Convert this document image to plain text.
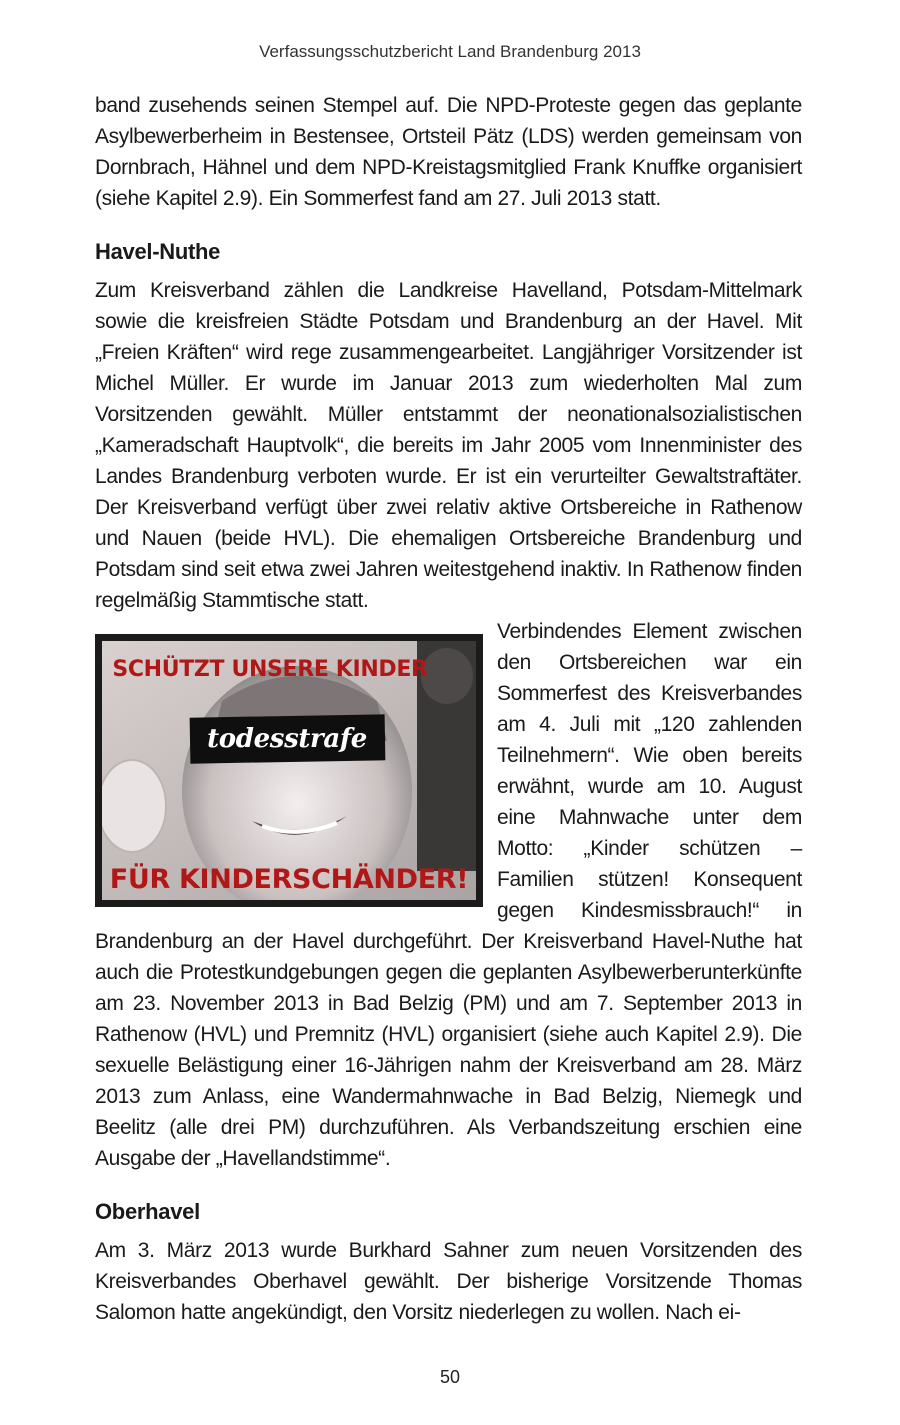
Verfassungsschutzbericht Land Brandenburg 2013

band zusehends seinen Stempel auf. Die NPD-Proteste gegen das geplante Asylbewerberheim in Bestensee, Ortsteil Pätz (LDS) werden gemeinsam von Dornbrach, Hähnel und dem NPD-Kreistagsmitglied Frank Knuffke organisiert (siehe Kapitel 2.9). Ein Sommerfest fand am 27. Juli 2013 statt.

Havel-Nuthe

Zum Kreisverband zählen die Landkreise Havelland, Potsdam-Mittelmark sowie die kreisfreien Städte Potsdam und Brandenburg an der Havel. Mit „Freien Kräften“ wird rege zusammengearbeitet. Langjähriger Vorsitzender ist Michel Müller. Er wurde im Januar 2013 zum wiederholten Mal zum Vorsitzenden gewählt. Müller entstammt der neonationalsozialistischen „Kameradschaft Hauptvolk“, die bereits im Jahr 2005 vom Innenminister des Landes Brandenburg verboten wurde. Er ist ein verurteilter Gewaltstraftäter. Der Kreisverband verfügt über zwei relativ aktive Ortsbereiche in Rathenow und Nauen (beide HVL). Die ehemaligen Ortsbereiche Brandenburg und Potsdam sind seit etwa zwei Jahren weitestgehend inaktiv. In Rathenow finden regelmäßig Stammtische statt.

SCHÜTZT UNSERE KINDER
todesstrafe
FÜR KINDERSCHÄNDER!

Verbindendes Element zwischen den Ortsbereichen war ein Sommerfest des Kreisverbandes am 4. Juli mit „120 zahlenden Teilnehmern“. Wie oben bereits erwähnt, wurde am 10. August eine Mahnwache unter dem Motto: „Kinder schützen – Familien stützen! Konsequent gegen Kindesmissbrauch!“ in Brandenburg an der Havel durchgeführt. Der Kreisverband Havel-Nuthe hat auch die Protestkundgebungen gegen die geplanten Asylbewerberunterkünfte am 23. November 2013 in Bad Belzig (PM) und am 7. September 2013 in Rathenow (HVL) und Premnitz (HVL) organisiert (siehe auch Kapitel 2.9). Die sexuelle Belästigung einer 16-Jährigen nahm der Kreisverband am 28. März 2013 zum Anlass, eine Wandermahnwache in Bad Belzig, Niemegk und Beelitz (alle drei PM) durchzuführen. Als Verbandszeitung erschien eine Ausgabe der „Havellandstimme“.

Oberhavel

Am 3. März 2013 wurde Burkhard Sahner zum neuen Vorsitzenden des Kreisverbandes Oberhavel gewählt. Der bisherige Vorsitzende Thomas Salomon hatte angekündigt, den Vorsitz niederlegen zu wollen. Nach ei-

50
